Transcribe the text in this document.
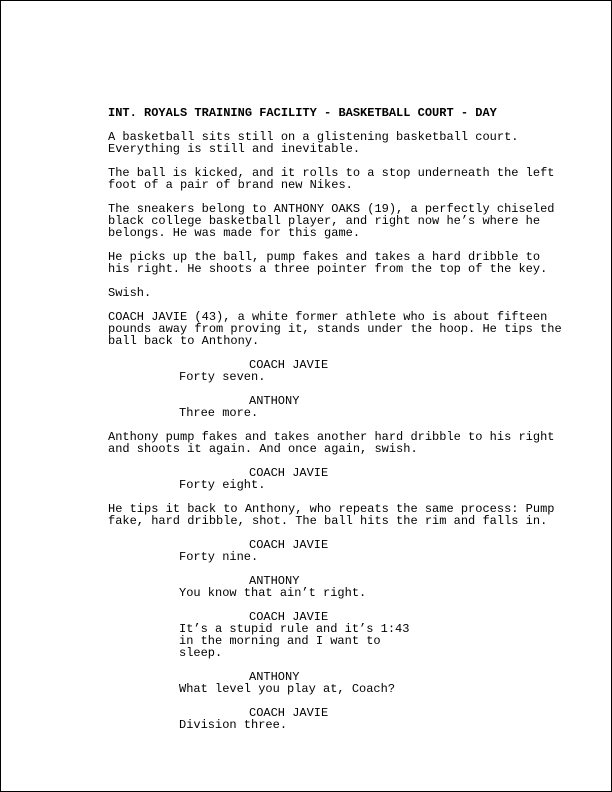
INT. ROYALS TRAINING FACILITY - BASKETBALL COURT - DAY
A basketball sits still on a glistening basketball court.
Everything is still and inevitable.
The ball is kicked, and it rolls to a stop underneath the left
foot of a pair of brand new Nikes.
The sneakers belong to ANTHONY OAKS (19), a perfectly chiseled
black college basketball player, and right now he’s where he
belongs. He was made for this game.
He picks up the ball, pump fakes and takes a hard dribble to
his right. He shoots a three pointer from the top of the key.
Swish.
COACH JAVIE (43), a white former athlete who is about fifteen
pounds away from proving it, stands under the hoop. He tips the
ball back to Anthony.
COACH JAVIE
Forty seven.
ANTHONY
Three more.
Anthony pump fakes and takes another hard dribble to his right
and shoots it again. And once again, swish.
COACH JAVIE
Forty eight.
He tips it back to Anthony, who repeats the same process: Pump
fake, hard dribble, shot. The ball hits the rim and falls in.
COACH JAVIE
Forty nine.
ANTHONY
You know that ain’t right.
COACH JAVIE
It’s a stupid rule and it’s 1:43
in the morning and I want to
sleep.
ANTHONY
What level you play at, Coach?
COACH JAVIE
Division three.
